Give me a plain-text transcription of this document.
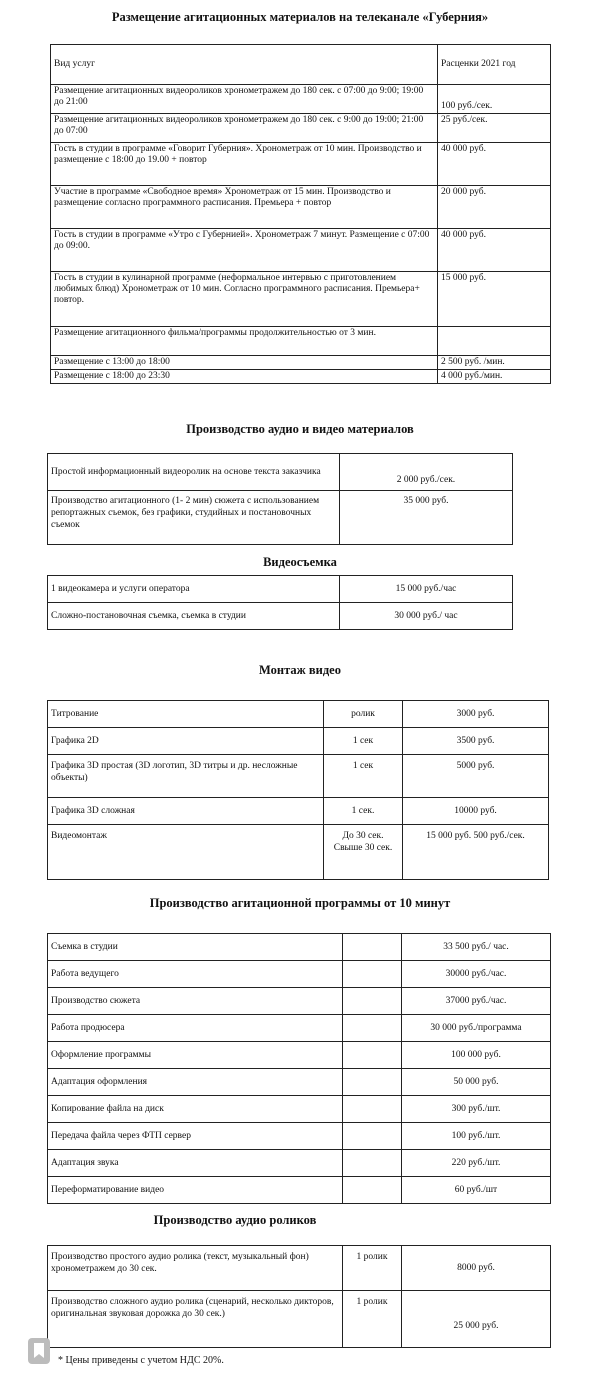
Размещение агитационных материалов на телеканале «Губерния»
Вид услуг	Расценки 2021 год
Размещение агитационных видеороликов хронометражем до 180 сек. с 07:00 до 9:00; 19:00 до 21:00	100 руб./сек.
Размещение агитационных видеороликов хронометражем до 180 сек. с 9:00 до 19:00; 21:00 до 07:00	25 руб./сек.
Гость в студии в программе «Говорит Губерния». Хронометраж от 10 мин. Производство и размещение с 18:00 до 19.00 + повтор	40 000 руб.
Участие в программе «Свободное время» Хронометраж от 15 мин. Производство и размещение согласно программного расписания. Премьера + повтор	20 000 руб.
Гость в студии в программе «Утро с Губернией». Хронометраж 7 минут. Размещение с 07:00 до 09:00.	40 000 руб.
Гость в студии в кулинарной программе (неформальное интервью с приготовлением любимых блюд) Хронометраж от 10 мин. Согласно программного расписания. Премьера+ повтор.	15 000 руб.
Размещение агитационного фильма/программы продолжительностью от 3 мин.	
Размещение с 13:00 до 18:00	2 500 руб. /мин.
Размещение с 18:00 до 23:30	4 000 руб./мин.
Производство аудио и видео материалов
Простой информационный видеоролик на основе текста заказчика	2 000 руб./сек.
Производство агитационного (1- 2 мин) сюжета с использованием репортажных съемок, без графики, студийных и постановочных съемок	35 000 руб.
Видеосъемка
1 видеокамера и услуги оператора	15 000 руб./час
Сложно-постановочная съемка, съемка в студии	30 000 руб./ час
Монтаж видео
Титрование	ролик	3000 руб.
Графика 2D	1 сек	3500 руб.
Графика 3D простая (3D логотип, 3D титры и др. несложные объекты)	1 сек	5000 руб.
Графика 3D сложная	1 сек.	10000 руб.
Видеомонтаж	До 30 сек. Свыше 30 сек.	15 000 руб. 500 руб./сек.
Производство агитационной программы от 10 минут
Съемка в студии		33 500 руб./ час.
Работа ведущего		30000 руб./час.
Производство сюжета		37000 руб./час.
Работа продюсера		30 000 руб./программа
Оформление программы		100 000 руб.
Адаптация оформления		50 000 руб.
Копирование файла на диск		300 руб./шт.
Передача файла через ФТП сервер		100 руб./шт.
Адаптация звука		220 руб./шт.
Переформатирование видео		60 руб./шт
Производство аудио роликов
Производство простого аудио ролика (текст, музыкальный фон) хронометражем до 30 сек.	1 ролик	8000 руб.
Производство сложного аудио ролика (сценарий, несколько дикторов, оригинальная звуковая дорожка до 30 сек.)	1 ролик	25 000 руб.
* Цены приведены с учетом НДС 20%.
